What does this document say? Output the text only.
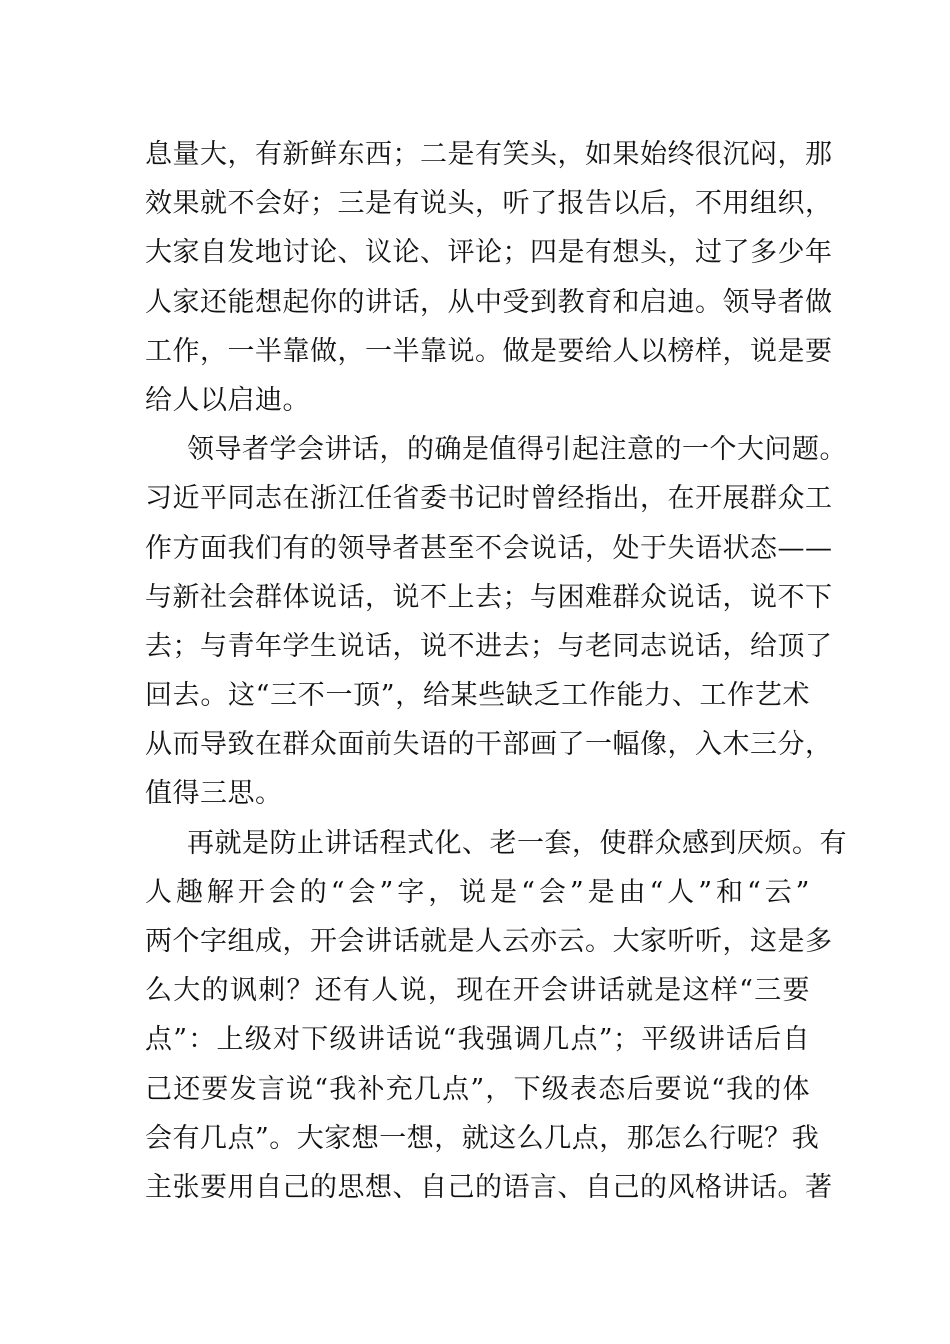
息量大，有新鲜东西；二是有笑头，如果始终很沉闷，那
效果就不会好；三是有说头，听了报告以后，不用组织，
大家自发地讨论、议论、评论；四是有想头，过了多少年
人家还能想起你的讲话，从中受到教育和启迪。领导者做
工作，一半靠做，一半靠说。做是要给人以榜样，说是要
给人以启迪。
领导者学会讲话，的确是值得引起注意的一个大问题。
习近平同志在浙江任省委书记时曾经指出，在开展群众工
作方面我们有的领导者甚至不会说话，处于失语状态——
与新社会群体说话，说不上去；与困难群众说话，说不下
去；与青年学生说话，说不进去；与老同志说话，给顶了
回去。这“三不一顶”，给某些缺乏工作能力、工作艺术
从而导致在群众面前失语的干部画了一幅像，入木三分，
值得三思。
再就是防止讲话程式化、老一套，使群众感到厌烦。有
人趣解开会的“会”字，说是“会”是由“人”和“云”
两个字组成，开会讲话就是人云亦云。大家听听，这是多
么大的讽刺？还有人说，现在开会讲话就是这样“三要
点”：上级对下级讲话说“我强调几点”；平级讲话后自
己还要发言说“我补充几点”，下级表态后要说“我的体
会有几点”。大家想一想，就这么几点，那怎么行呢？我
主张要用自己的思想、自己的语言、自己的风格讲话。著
